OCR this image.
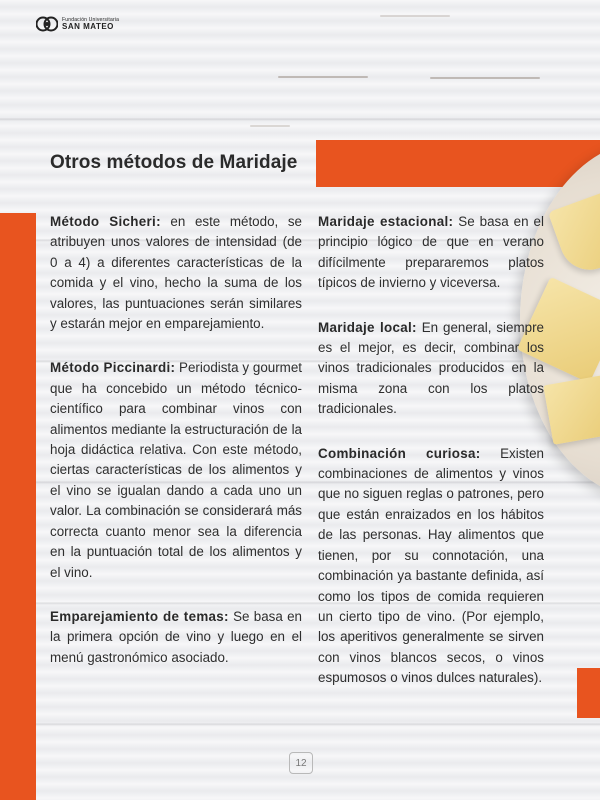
Fundación Universitaria
SAN MATEO
Otros métodos de Maridaje

Método Sicheri: en este método, se atribuyen unos valores de intensidad (de 0 a 4) a diferentes características de la comida y el vino, hecho la suma de los valores, las puntuaciones serán similares y estarán mejor en emparejamiento.

Método Piccinardi: Periodista y gourmet que ha concebido un método técnico-científico para combinar vinos con alimentos mediante la estructuración de la hoja didáctica relativa. Con este método, ciertas características de los alimentos y el vino se igualan dando a cada uno un valor. La combinación se considerará más correcta cuanto menor sea la diferencia en la puntuación total de los alimentos y el vino.

Emparejamiento de temas: Se basa en la primera opción de vino y luego en el menú gastronómico asociado.

Maridaje estacional: Se basa en el principio lógico de que en verano difícilmente prepararemos platos típicos de invierno y viceversa.

Maridaje local: En general, siempre es el mejor, es decir, combinar los vinos tradicionales producidos en la misma zona con los platos tradicionales.

Combinación curiosa: Existen combinaciones de alimentos y vinos que no siguen reglas o patrones, pero que están enraizados en los hábitos de las personas. Hay alimentos que tienen, por su connotación, una combinación ya bastante definida, así como los tipos de comida requieren un cierto tipo de vino. (Por ejemplo, los aperitivos generalmente se sirven con vinos blancos secos, o vinos espumosos o vinos dulces naturales).

12
